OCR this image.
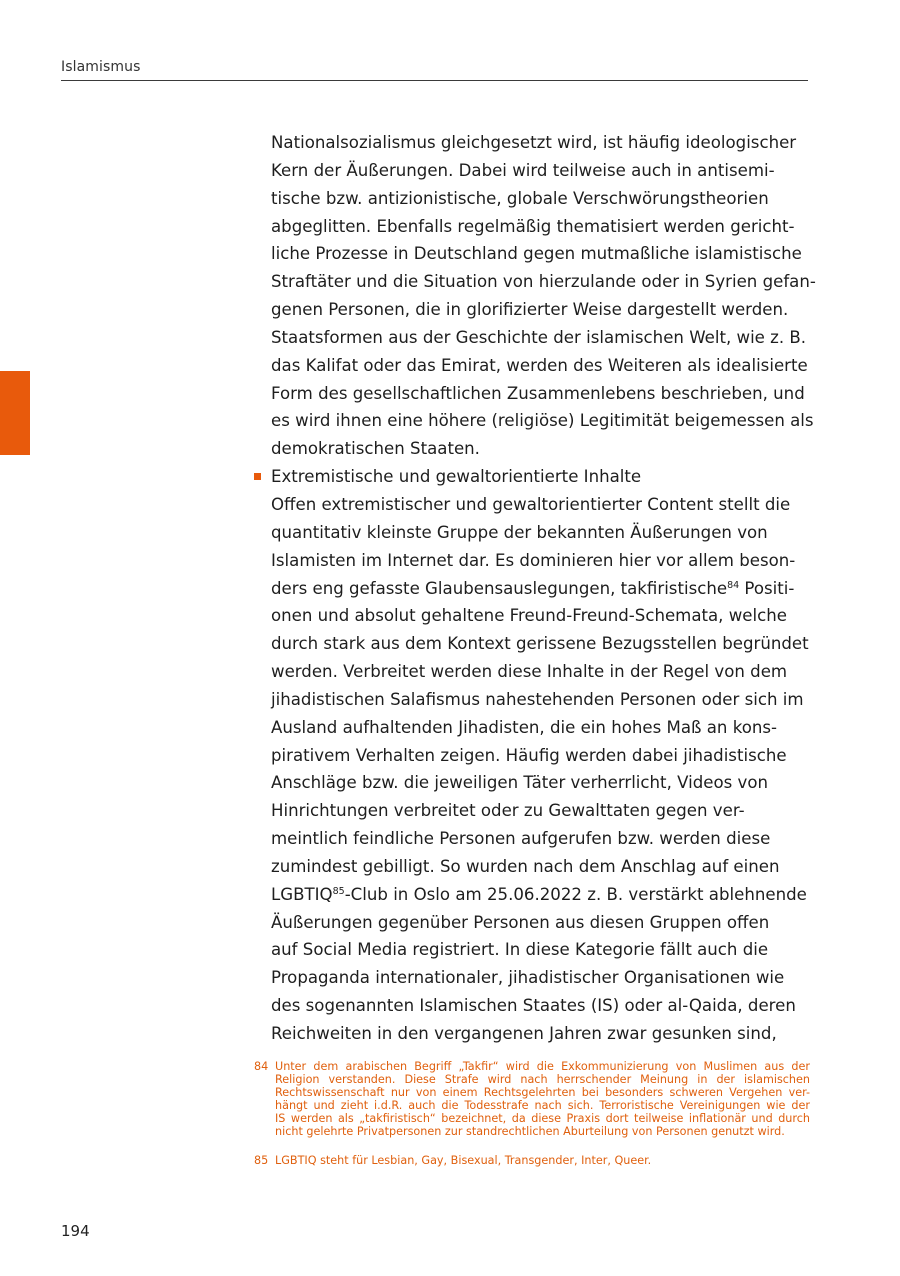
Islamismus
Nationalsozialismus gleichgesetzt wird, ist häufig ideologischer
Kern der Äußerungen. Dabei wird teilweise auch in antisemi-
tische bzw. antizionistische, globale Verschwörungstheorien
abgeglitten. Ebenfalls regelmäßig thematisiert werden gericht-
liche Prozesse in Deutschland gegen mutmaßliche islamistische
Straftäter und die Situation von hierzulande oder in Syrien gefan-
genen Personen, die in glorifizierter Weise dargestellt werden.
Staatsformen aus der Geschichte der islamischen Welt, wie z. B.
das Kalifat oder das Emirat, werden des Weiteren als idealisierte
Form des gesellschaftlichen Zusammenlebens beschrieben, und
es wird ihnen eine höhere (religiöse) Legitimität beigemessen als
demokratischen Staaten.
Extremistische und gewaltorientierte Inhalte
Offen extremistischer und gewaltorientierter Content stellt die
quantitativ kleinste Gruppe der bekannten Äußerungen von
Islamisten im Internet dar. Es dominieren hier vor allem beson-
ders eng gefasste Glaubensauslegungen, takfiristische$^{84}$ Positi-
onen und absolut gehaltene Freund-Freund-Schemata, welche
durch stark aus dem Kontext gerissene Bezugsstellen begründet
werden. Verbreitet werden diese Inhalte in der Regel von dem
jihadistischen Salafismus nahestehenden Personen oder sich im
Ausland aufhaltenden Jihadisten, die ein hohes Maß an kons-
pirativem Verhalten zeigen. Häufig werden dabei jihadistische
Anschläge bzw. die jeweiligen Täter verherrlicht, Videos von
Hinrichtungen verbreitet oder zu Gewalttaten gegen ver-
meintlich feindliche Personen aufgerufen bzw. werden diese
zumindest gebilligt. So wurden nach dem Anschlag auf einen
LGBTIQ$^{85}$-Club in Oslo am 25.06.2022 z. B. verstärkt ablehnende
Äußerungen gegenüber Personen aus diesen Gruppen offen
auf Social Media registriert. In diese Kategorie fällt auch die
Propaganda internationaler, jihadistischer Organisationen wie
des sogenannten Islamischen Staates (IS) oder al-Qaida, deren
Reichweiten in den vergangenen Jahren zwar gesunken sind,
84 Unter dem arabischen Begriff „Takfir“ wird die Exkommunizierung von Muslimen aus der
Religion verstanden. Diese Strafe wird nach herrschender Meinung in der islamischen
Rechtswissenschaft nur von einem Rechtsgelehrten bei besonders schweren Vergehen ver-
hängt und zieht i.d.R. auch die Todesstrafe nach sich. Terroristische Vereinigungen wie der
IS werden als „takfiristisch“ bezeichnet, da diese Praxis dort teilweise inflationär und durch
nicht gelehrte Privatpersonen zur standrechtlichen Aburteilung von Personen genutzt wird.
85 LGBTIQ steht für Lesbian, Gay, Bisexual, Transgender, Inter, Queer.
194
